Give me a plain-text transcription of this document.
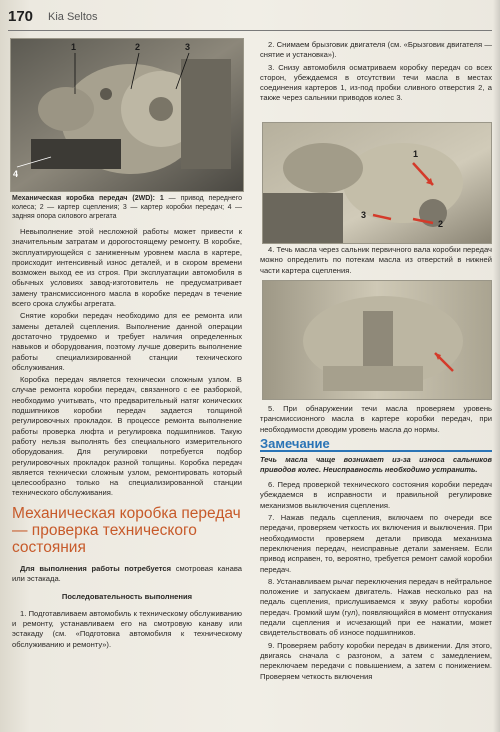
170 Kia Seltos
1	2	3
4

Механическая коробка передач (2WD): 1 — привод переднего колеса; 2 — картер сцепления; 3 — картер коробки передач; 4 — задняя опора силового агрегата

Невыполнение этой несложной работы может привести к значительным затратам и дорогостоящему ремонту. В коробке, эксплуатирующейся с заниженным уровнем масла в картере, происходит интенсивный износ деталей, и в скором времени возможен выход ее из строя. При эксплуатации автомобиля в обычных условиях завод-изготовитель не предусматривает замену трансмиссионного масла в коробке передач в течение всего срока службы агрегата.

Снятие коробки передач необходимо для ее ремонта или замены деталей сцепления. Выполнение данной операции достаточно трудоемко и требует наличия определенных навыков и оборудования, поэтому лучше доверить выполнение работы специализированной станции технического обслуживания.

Коробка передач является технически сложным узлом. В случае ремонта коробки передач, связанного с ее разборкой, необходимо учитывать, что предварительный натяг конических подшипников коробки передач задается толщиной регулировочных прокладок. В процессе ремонта выполнение работы проверка люфта и регулировка подшипников. Такую работу нельзя выполнять без специального измерительного оборудования. Для регулировки потребуется подбор регулировочных прокладок разной толщины. Коробка передач является технически сложным узлом, ремонтировать который целесообразно только на специализированной станции технического обслуживания.

Механическая коробка передач — проверка технического состояния

Для выполнения работы потребуется смотровая канава или эстакада.

Последовательность выполнения

1. Подготавливаем автомобиль к техническому обслуживанию и ремонту, устанавливаем его на смотровую канаву или эстакаду (см. «Подготовка автомобиля к техническому обслуживанию и ремонту»).

2. Снимаем брызговик двигателя (см. «Брызговик двигателя — снятие и установка»).

3. Снизу автомобиля осматриваем коробку передач со всех сторон, убеждаемся в отсутствии течи масла в местах соединения картеров 1, из-под пробки сливного отверстия 2, а также через сальники приводов колес 3.

1
2
3

4. Течь масла через сальник первичного вала коробки передач можно определить по потекам масла из отверстий в нижней части картера сцепления.

5. При обнаружении течи масла проверяем уровень трансмиссионного масла в картере коробки передач, при необходимости доводим уровень масла до нормы.

Замечание

Течь масла чаще возникает из-за износа сальников приводов колес. Неисправность необходимо устранить.

6. Перед проверкой технического состояния коробки передач убеждаемся в исправности и правильной регулировке механизмов выключения сцепления.

7. Нажав педаль сцепления, включаем по очереди все передачи, проверяем четкость их включения и выключения. При необходимости проверяем детали привода механизма переключения передач, неисправные детали заменяем. Если привод исправен, то, вероятно, требуется ремонт самой коробки передач.

8. Устанавливаем рычаг переключения передач в нейтральное положение и запускаем двигатель. Нажав несколько раз на педаль сцепления, прислушиваемся к звуку работы коробки передач. Громкий шум (гул), появляющийся в момент отпускания педали сцепления и исчезающий при ее нажатии, может свидетельствовать об износе подшипников.

9. Проверяем работу коробки передач в движении. Для этого, двигаясь сначала с разгоном, а затем с замедлением, переключаем передачи с повышением, а затем с понижением. Проверяем четкость включения
